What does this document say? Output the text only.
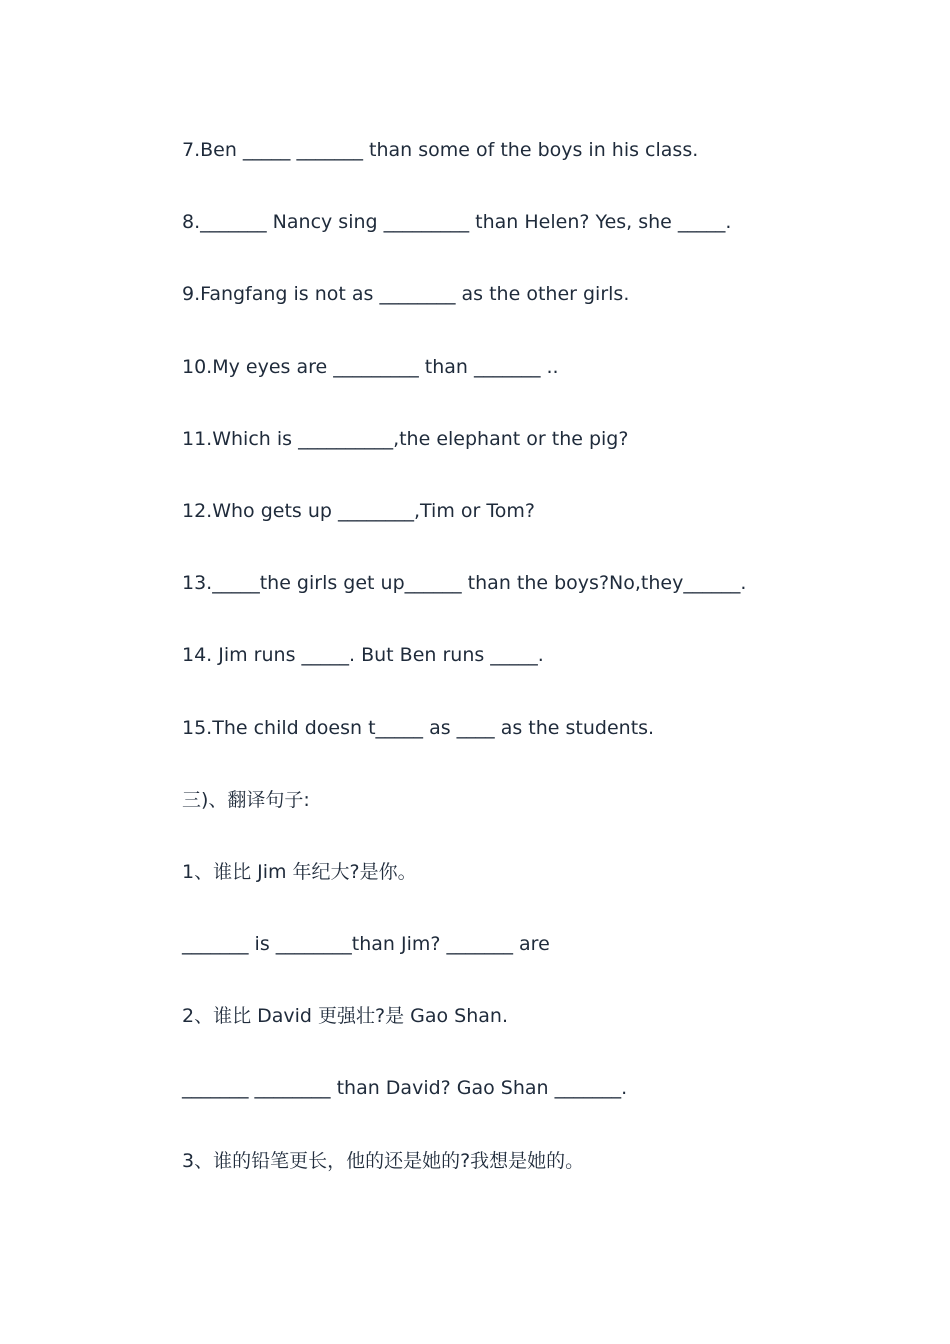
7.Ben _____ _______ than some of the boys in his class.
8._______ Nancy sing _________ than Helen? Yes, she _____.
9.Fangfang is not as ________ as the other girls.
10.My eyes are _________ than _______ ..
11.Which is __________,the elephant or the pig?
12.Who gets up ________,Tim or Tom?
13._____the girls get up______ than the boys?No,they______.
14. Jim runs _____. But Ben runs _____.
15.The child doesn t_____ as ____ as the students.
三)、翻译句子:
1、谁比 Jim 年纪大?是你。
_______ is ________than Jim? _______ are
2、谁比 David 更强壮?是 Gao Shan.
_______ ________ than David? Gao Shan _______.
3、谁的铅笔更长，他的还是她的?我想是她的。
